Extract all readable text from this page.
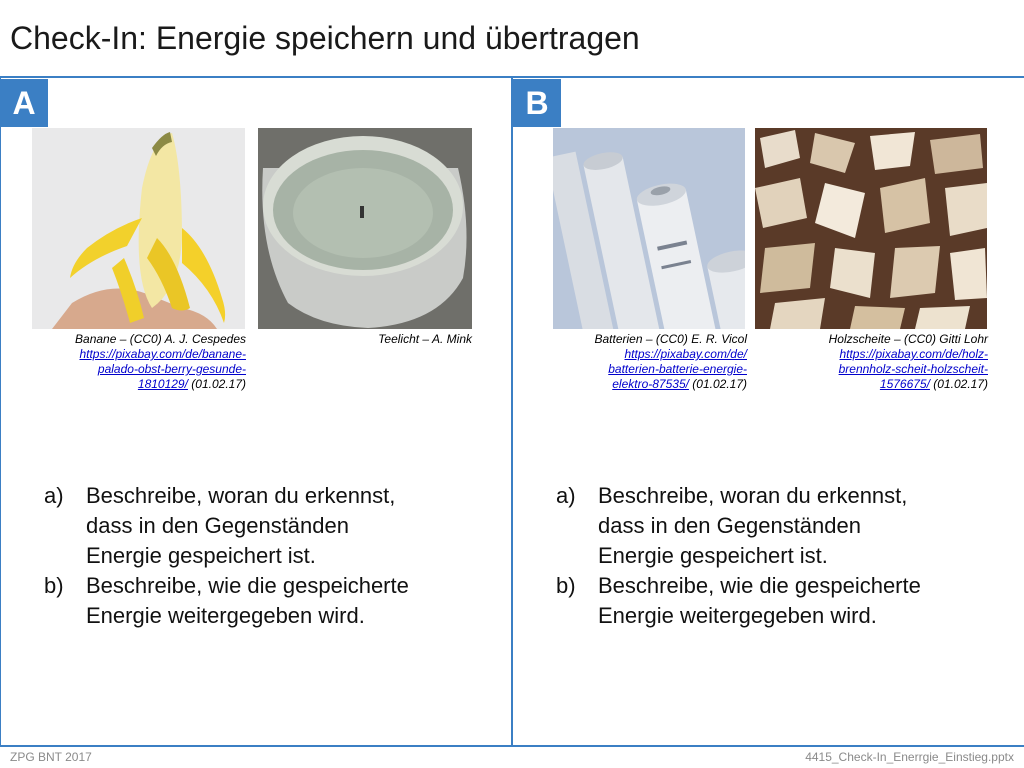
Check-In: Energie speichern und übertragen
A
Banane – (CC0) A. J. Cespedes
https://pixabay.com/de/banane-
palado-obst-berry-gesunde-
1810129/ (01.02.17)
Teelicht – A. Mink
a)	Beschreibe, woran du erkennst,
dass in den Gegenständen
Energie gespeichert ist.
b)	Beschreibe, wie die gespeicherte
Energie weitergegeben wird.
B
Batterien – (CC0) E. R. Vicol
https://pixabay.com/de/
batterien-batterie-energie-
elektro-87535/ (01.02.17)
Holzscheite – (CC0) Gitti Lohr
https://pixabay.com/de/holz-
brennholz-scheit-holzscheit-
1576675/ (01.02.17)
a)	Beschreibe, woran du erkennst,
dass in den Gegenständen
Energie gespeichert ist.
b)	Beschreibe, wie die gespeicherte
Energie weitergegeben wird.
ZPG BNT 2017	4415_Check-In_Enerrgie_Einstieg.pptx
